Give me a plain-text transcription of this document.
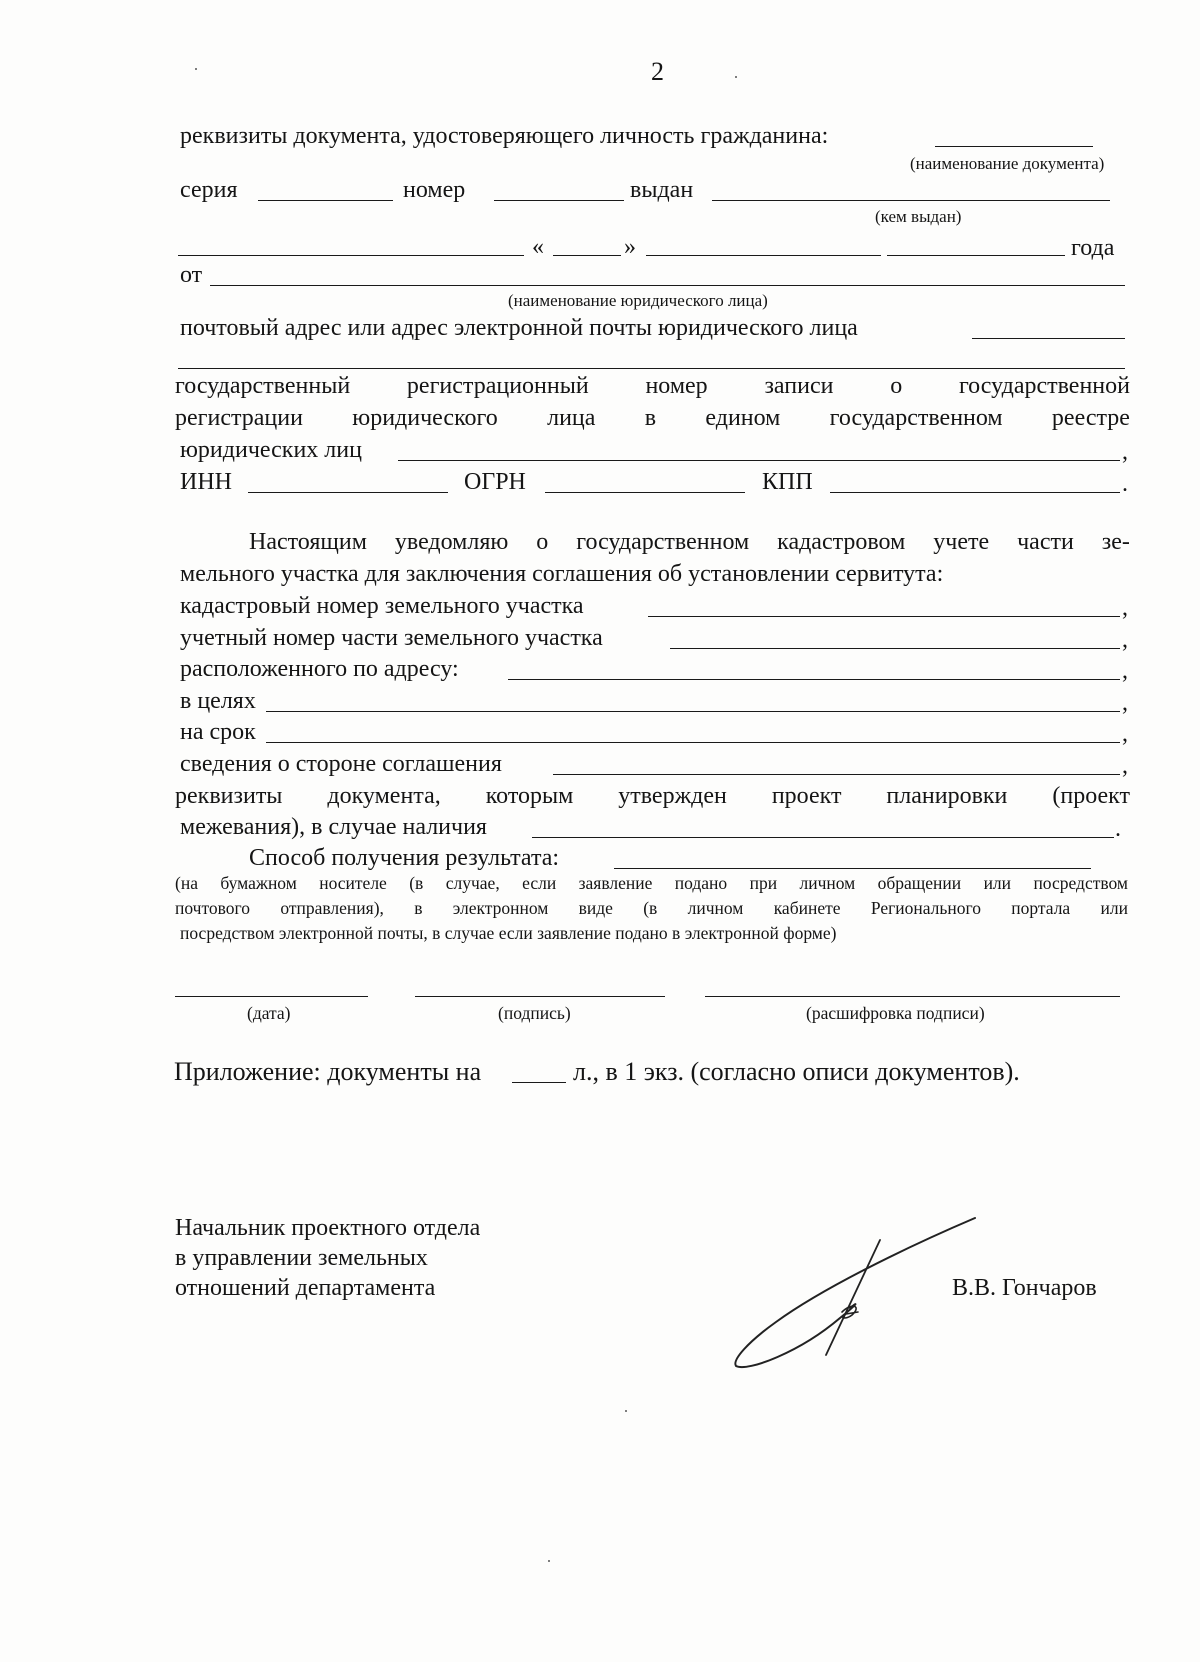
2
реквизиты документа, удостоверяющего личность гражданина:
(наименование документа)
серия	номер	выдан
(кем выдан)
«	»	года
от
(наименование юридического лица)
почтовый адрес или адрес электронной почты юридического лица
государственный регистрационный номер записи о государственной
регистрации юридического лица в едином государственном реестре
юридических лиц	,
ИНН	ОГРН	КПП	.
Настоящим уведомляю о государственном кадастровом учете части зе-
мельного участка для заключения соглашения об установлении сервитута:
кадастровый номер земельного участка	,
учетный номер части земельного участка	,
расположенного по адресу:	,
в целях	,
на срок	,
сведения о стороне соглашения	,
реквизиты документа, которым утвержден проект планировки (проект
межевания), в случае наличия	.
Способ получения результата:
(на бумажном носителе (в случае, если заявление подано при личном обращении или посредством
почтового отправления), в электронном виде (в личном кабинете Регионального портала или
посредством электронной почты, в случае если заявление подано в электронной форме)
(дата)	(подпись)	(расшифровка подписи)
Приложение: документы на	л., в 1 экз. (согласно описи документов).
Начальник проектного отдела
в управлении земельных
отношений департамента	В.В. Гончаров
